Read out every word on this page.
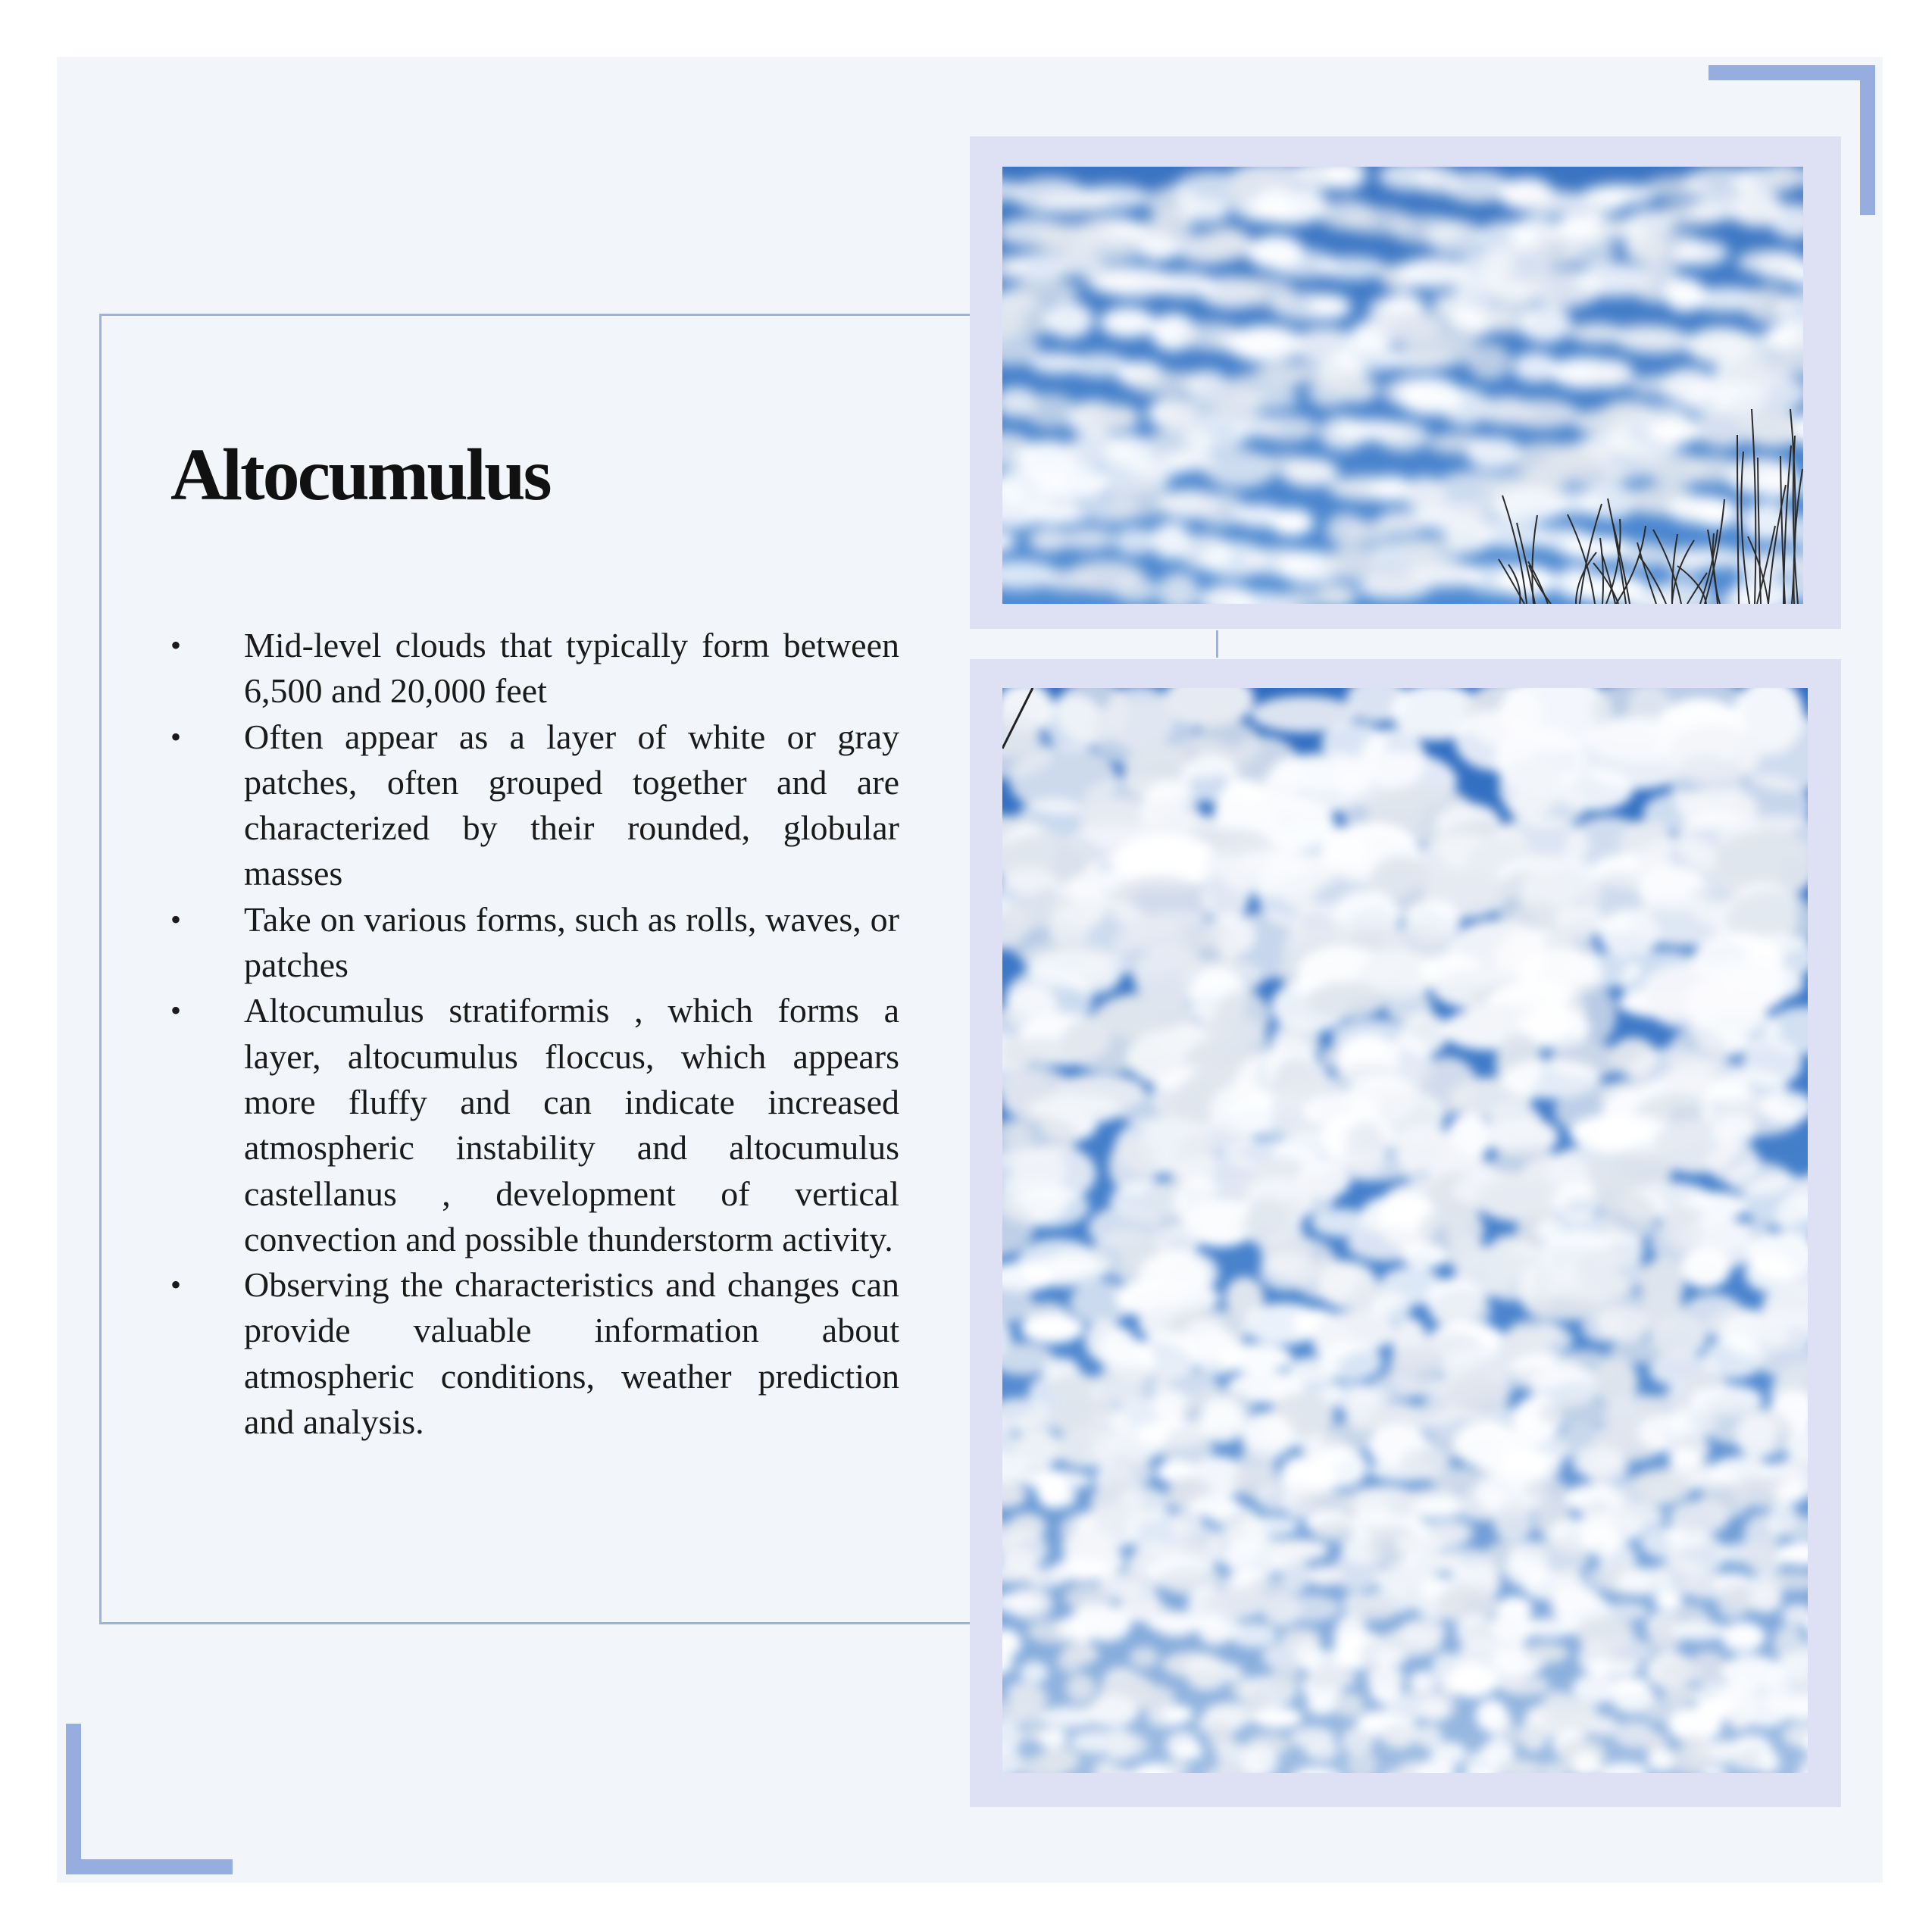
Altocumulus
• Mid-level clouds that typically form between 6,500 and 20,000 feet
• Often appear as a layer of white or gray patches, often grouped together and are characterized by their rounded, globular masses
• Take on various forms, such as rolls, waves, or patches
• Altocumulus stratiformis , which forms a layer, altocumulus floccus, which appears more fluffy and can indicate increased atmospheric instability and altocumulus castellanus , development of vertical convection and possible thunderstorm activity.
• Observing the characteristics and changes can provide valuable information about atmospheric conditions, weather prediction and analysis.
